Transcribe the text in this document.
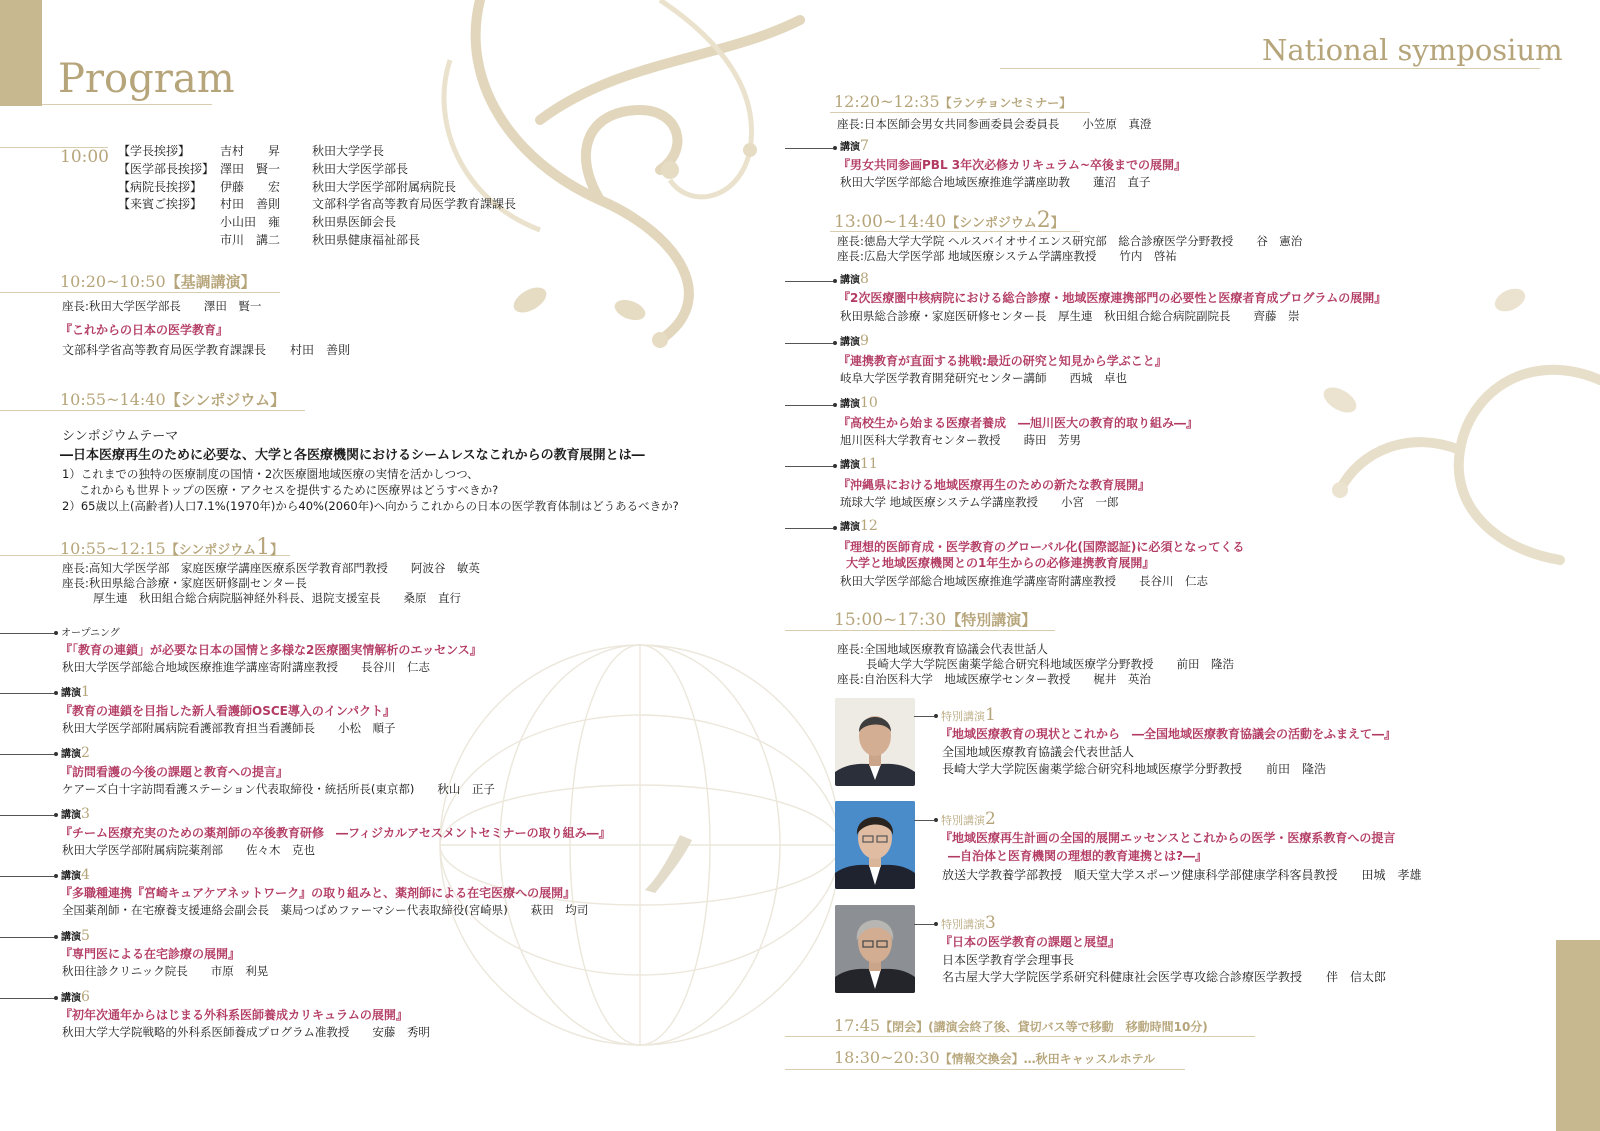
Program
National symposium
10:00 【学長挨拶】	吉村　　昇	秋田大学学長
【医学部長挨拶】 澤田　賢一	秋田大学医学部長
【病院長挨拶】	伊藤　　宏	秋田大学医学部附属病院長
【来賓ご挨拶】	村田　善則	文部科学省高等教育局医学教育課課長
小山田　雍	秋田県医師会長
市川　講二	秋田県健康福祉部長
10:20~10:50【基調講演】
座長:秋田大学医学部長　　澤田　賢一
『これからの日本の医学教育』
文部科学省高等教育局医学教育課課長　　村田　善則
10:55~14:40【シンポジウム】
シンポジウムテーマ
―日本医療再生のために必要な、大学と各医療機関におけるシームレスなこれからの教育展開とは―
1）これまでの独特の医療制度の国情・2次医療圏地域医療の実情を活かしつつ、
これからも世界トップの医療・アクセスを提供するために医療界はどうすべきか?
2）65歳以上(高齢者)人口7.1%(1970年)から40%(2060年)へ向かうこれからの日本の医学教育体制はどうあるべきか?
10:55~12:15【シンポジウム1】
座長:高知大学医学部　家庭医療学講座医療系医学教育部門教授　　阿波谷　敏英
座長:秋田県総合診療・家庭医研修副センター長
厚生連　秋田組合総合病院脳神経外科長、退院支援室長　　桑原　直行
オープニング
『「教育の連鎖」が必要な日本の国情と多様な2医療圏実情解析のエッセンス』
秋田大学医学部総合地域医療推進学講座寄附講座教授　　長谷川　仁志
講演1
『教育の連鎖を目指した新人看護師OSCE導入のインパクト』
秋田大学医学部附属病院看護部教育担当看護師長　　小松　順子
講演2
『訪問看護の今後の課題と教育への提言』
ケアーズ白十字訪問看護ステーション代表取締役・統括所長(東京都)　　秋山　正子
講演3
『チーム医療充実のための薬剤師の卒後教育研修　―フィジカルアセスメントセミナーの取り組み―』
秋田大学医学部附属病院薬剤部　　佐々木　克也
講演4
『多職種連携『宮崎キュアケアネットワーク』の取り組みと、薬剤師による在宅医療への展開』
全国薬剤師・在宅療養支援連絡会副会長　薬局つばめファーマシー代表取締役(宮崎県)　　萩田　均司
講演5
『専門医による在宅診療の展開』
秋田往診クリニック院長　　市原　利晃
講演6
『初年次通年からはじまる外科系医師養成カリキュラムの展開』
秋田大学大学院戦略的外科系医師養成プログラム准教授　　安藤　秀明
12:20~12:35【ランチョンセミナー】
座長:日本医師会男女共同参画委員会委員長　　小笠原　真澄
講演7
『男女共同参画PBL 3年次必修カリキュラム~卒後までの展開』
秋田大学医学部総合地域医療推進学講座助教　　蓮沼　直子
13:00~14:40【シンポジウム2】
座長:徳島大学大学院 ヘルスバイオサイエンス研究部　総合診療医学分野教授　　谷　憲治
座長:広島大学医学部 地域医療システム学講座教授　　竹内　啓祐
講演8
『2次医療圏中核病院における総合診療・地域医療連携部門の必要性と医療者育成プログラムの展開』
秋田県総合診療・家庭医研修センター長　厚生連　秋田組合総合病院副院長　　齊藤　崇
講演9
『連携教育が直面する挑戦:最近の研究と知見から学ぶこと』
岐阜大学医学教育開発研究センター講師　　西城　卓也
講演10
『高校生から始まる医療者養成　―旭川医大の教育的取り組み―』
旭川医科大学教育センター教授　　蒔田　芳男
講演11
『沖縄県における地域医療再生のための新たな教育展開』
琉球大学 地域医療システム学講座教授　　小宮　一郎
講演12
『理想的医師育成・医学教育のグローバル化(国際認証)に必須となってくる
大学と地域医療機関との1年生からの必修連携教育展開』
秋田大学医学部総合地域医療推進学講座寄附講座教授　　長谷川　仁志
15:00~17:30【特別講演】
座長:全国地域医療教育協議会代表世話人
長崎大学大学院医歯薬学総合研究科地域医療学分野教授　　前田　隆浩
座長:自治医科大学　地域医療学センター教授　　梶井　英治
特別講演1
『地域医療教育の現状とこれから　―全国地域医療教育協議会の活動をふまえて―』
全国地域医療教育協議会代表世話人
長崎大学大学院医歯薬学総合研究科地域医療学分野教授　　前田　隆浩
特別講演2
『地域医療再生計画の全国的展開エッセンスとこれからの医学・医療系教育への提言
―自治体と医育機関の理想的教育連携とは?―』
放送大学教養学部教授　順天堂大学スポーツ健康科学部健康学科客員教授　　田城　孝雄
特別講演3
『日本の医学教育の課題と展望』
日本医学教育学会理事長
名古屋大学大学院医学系研究科健康社会医学専攻総合診療医学教授　　伴　信太郎
17:45【閉会】(講演会終了後、貸切バス等で移動　移動時間10分)
18:30~20:30【情報交換会】…秋田キャッスルホテル
